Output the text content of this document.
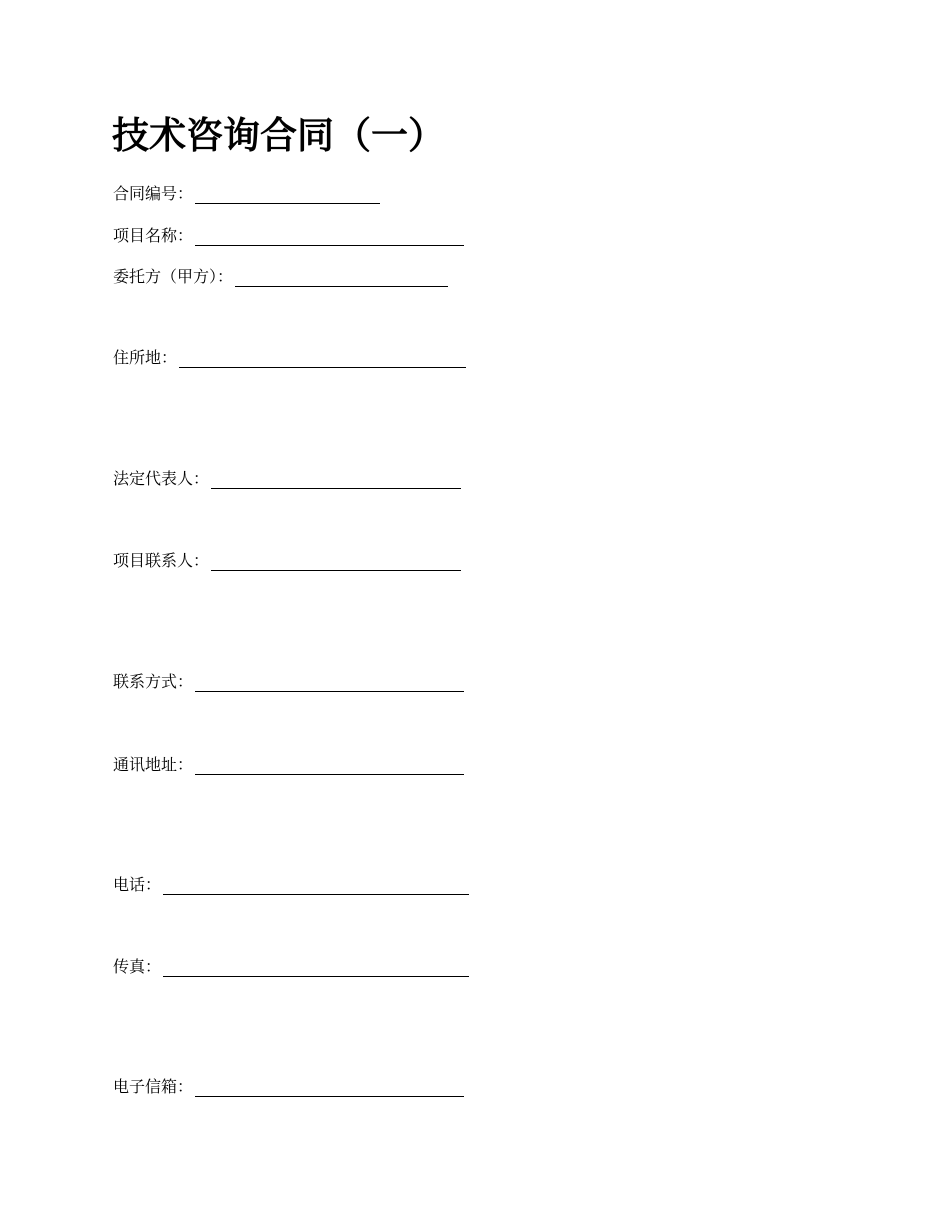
技术咨询合同（一）
合同编号：
项目名称：
委托方（甲方）：
住所地：
法定代表人：
项目联系人：
联系方式：
通讯地址：
电话：
传真：
电子信箱：
